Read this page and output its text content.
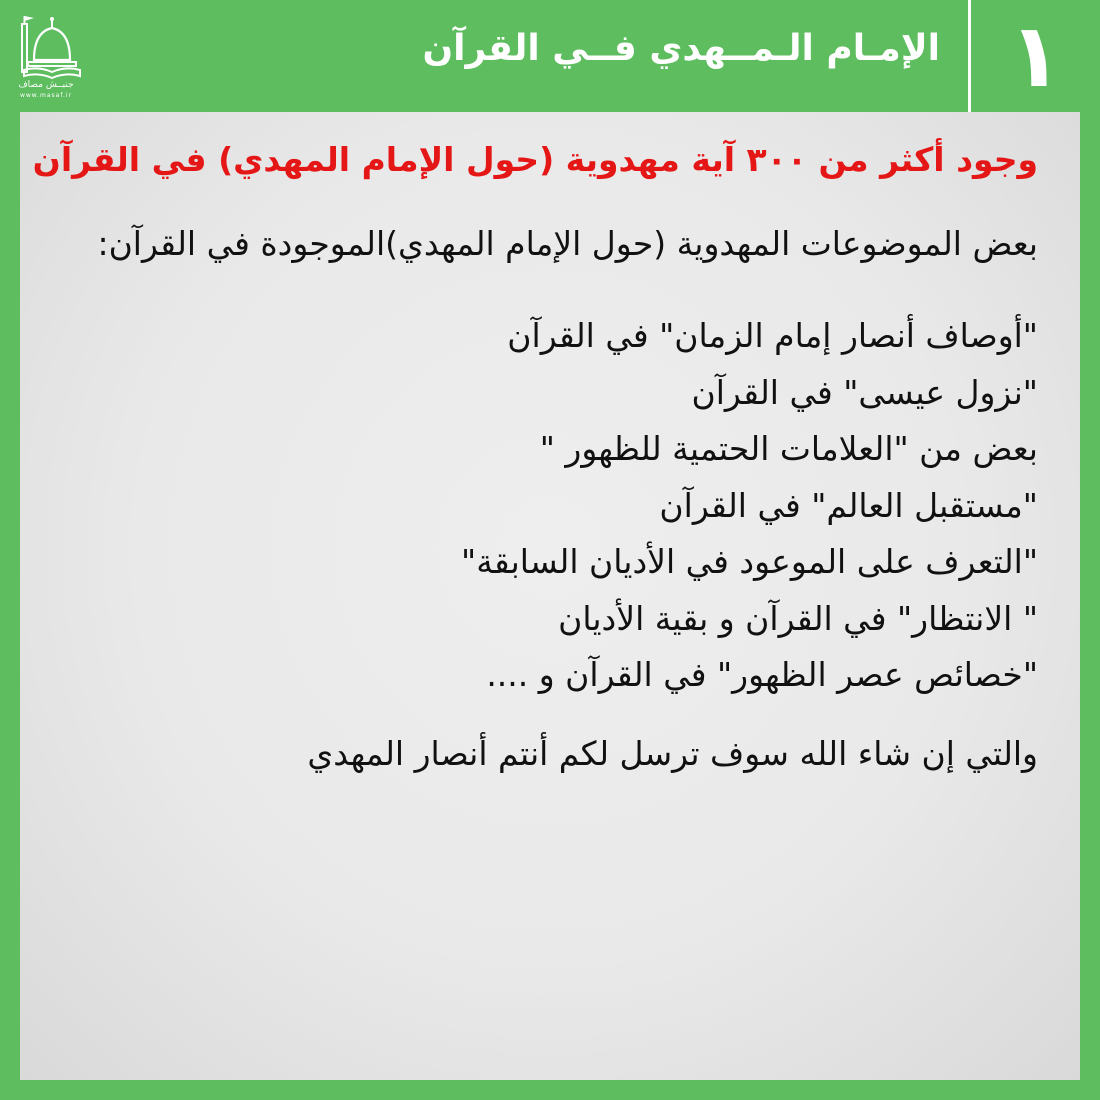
جنبــش مصاف
www.masaf.ir
الإمـام الـمــهدي فــي القرآن ١
وجود أكثر من ٣٠٠ آية مهدوية (حول الإمام المهدي) في القرآن
بعض الموضوعات المهدوية (حول الإمام المهدي)الموجودة في القرآن:
"أوصاف أنصار إمام الزمان" في القرآن
"نزول عيسى" في القرآن
بعض من "العلامات الحتمية للظهور "
"مستقبل العالم" في القرآن
"التعرف على الموعود في الأديان السابقة"
" الانتظار" في القرآن و بقية الأديان
"خصائص عصر الظهور" في القرآن و ....
والتي إن شاء الله سوف ترسل لكم أنتم أنصار المهدي
